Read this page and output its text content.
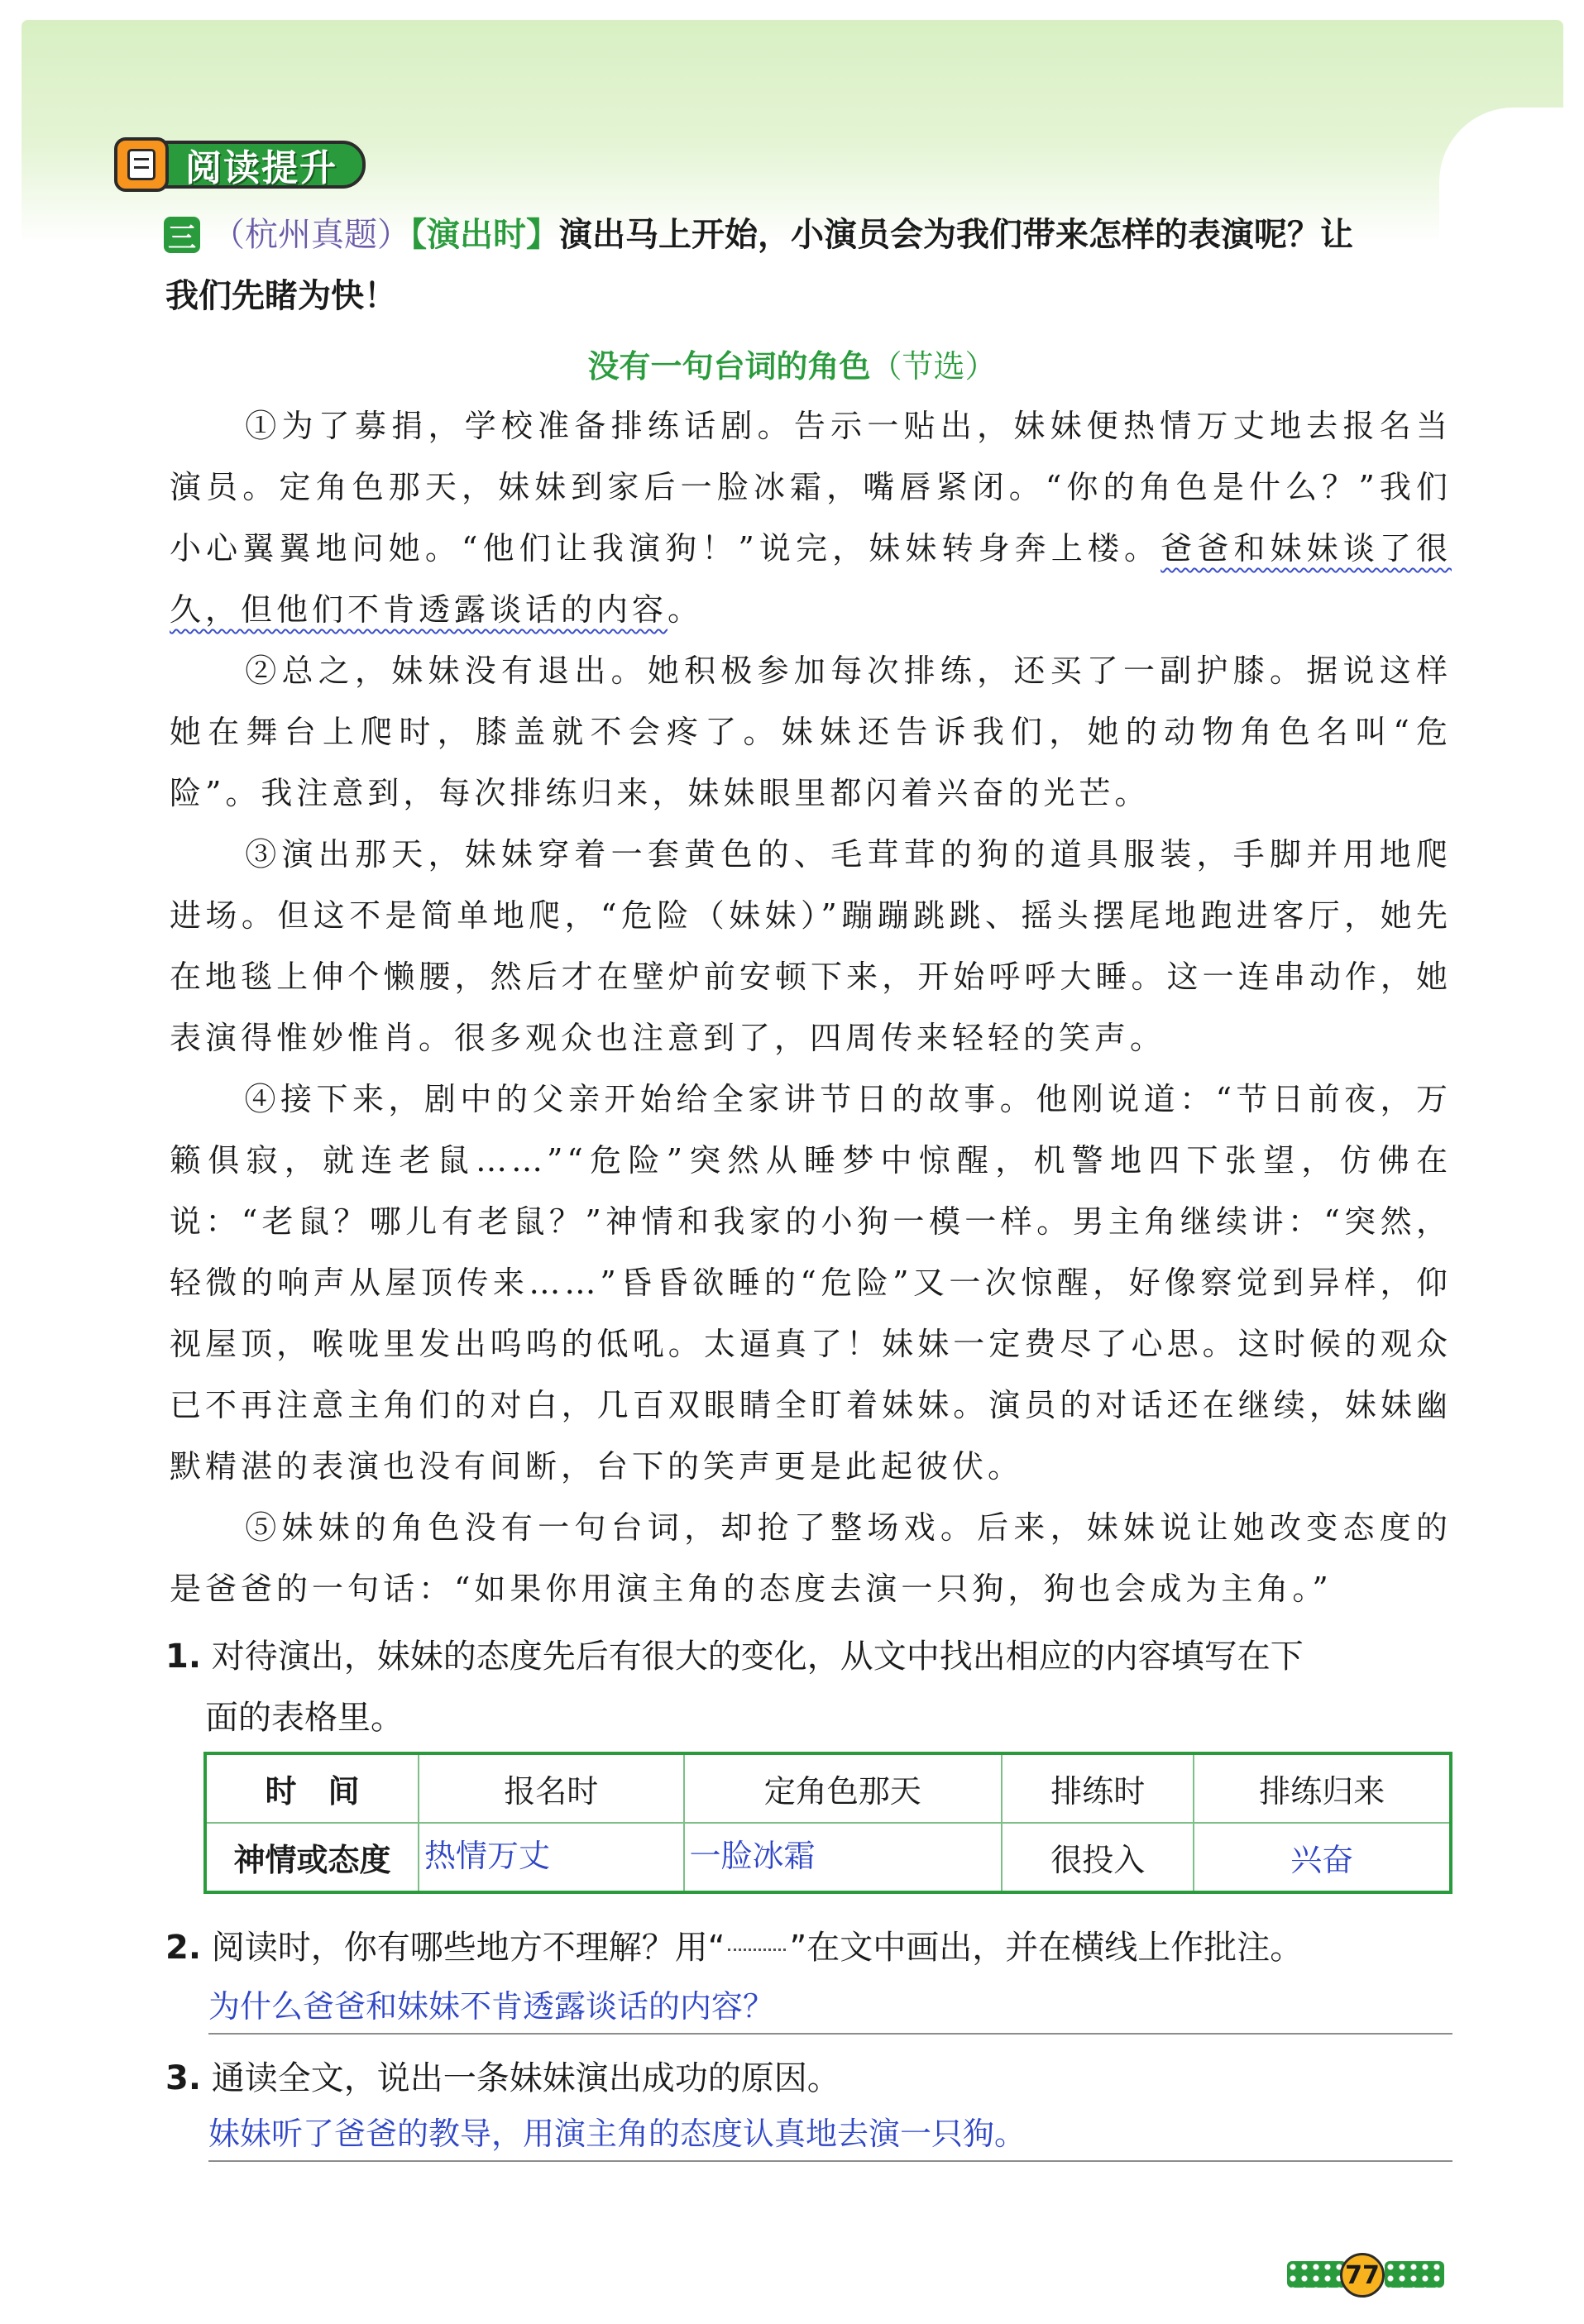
阅读提升
三 （杭州真题）【演出时】演出马上开始，小演员会为我们带来怎样的表演呢？让
我们先睹为快！
没有一句台词的角色（节选）
①为了募捐，学校准备排练话剧。告示一贴出，妹妹便热情万丈地去报名当演员。定角色那天，妹妹到家后一脸冰霜，嘴唇紧闭。“你的角色是什么？”我们小心翼翼地问她。“他们让我演狗！”说完，妹妹转身奔上楼。爸爸和妹妹谈了很久，但他们不肯透露谈话的内容。
②总之，妹妹没有退出。她积极参加每次排练，还买了一副护膝。据说这样她在舞台上爬时，膝盖就不会疼了。妹妹还告诉我们，她的动物角色名叫“危险”。我注意到，每次排练归来，妹妹眼里都闪着兴奋的光芒。
③演出那天，妹妹穿着一套黄色的、毛茸茸的狗的道具服装，手脚并用地爬进场。但这不是简单地爬，“危险（妹妹）”蹦蹦跳跳、摇头摆尾地跑进客厅，她先在地毯上伸个懒腰，然后才在壁炉前安顿下来，开始呼呼大睡。这一连串动作，她表演得惟妙惟肖。很多观众也注意到了，四周传来轻轻的笑声。
④接下来，剧中的父亲开始给全家讲节日的故事。他刚说道：“节日前夜，万籁俱寂，就连老鼠……”“危险”突然从睡梦中惊醒，机警地四下张望，仿佛在说：“老鼠？哪儿有老鼠？”神情和我家的小狗一模一样。男主角继续讲：“突然，轻微的响声从屋顶传来……”昏昏欲睡的“危险”又一次惊醒，好像察觉到异样，仰视屋顶，喉咙里发出呜呜的低吼。太逼真了！妹妹一定费尽了心思。这时候的观众已不再注意主角们的对白，几百双眼睛全盯着妹妹。演员的对话还在继续，妹妹幽默精湛的表演也没有间断，台下的笑声更是此起彼伏。
⑤妹妹的角色没有一句台词，却抢了整场戏。后来，妹妹说让她改变态度的是爸爸的一句话：“如果你用演主角的态度去演一只狗，狗也会成为主角。”
1. 对待演出，妹妹的态度先后有很大的变化，从文中找出相应的内容填写在下
面的表格里。
时　间	报名时	定角色那天	排练时	排练归来
神情或态度	热情万丈	一脸冰霜	很投入	兴奋
2. 阅读时，你有哪些地方不理解？用“ ”在文中画出，并在横线上作批注。
为什么爸爸和妹妹不肯透露谈话的内容？
3. 通读全文，说出一条妹妹演出成功的原因。
妹妹听了爸爸的教导，用演主角的态度认真地去演一只狗。
77
